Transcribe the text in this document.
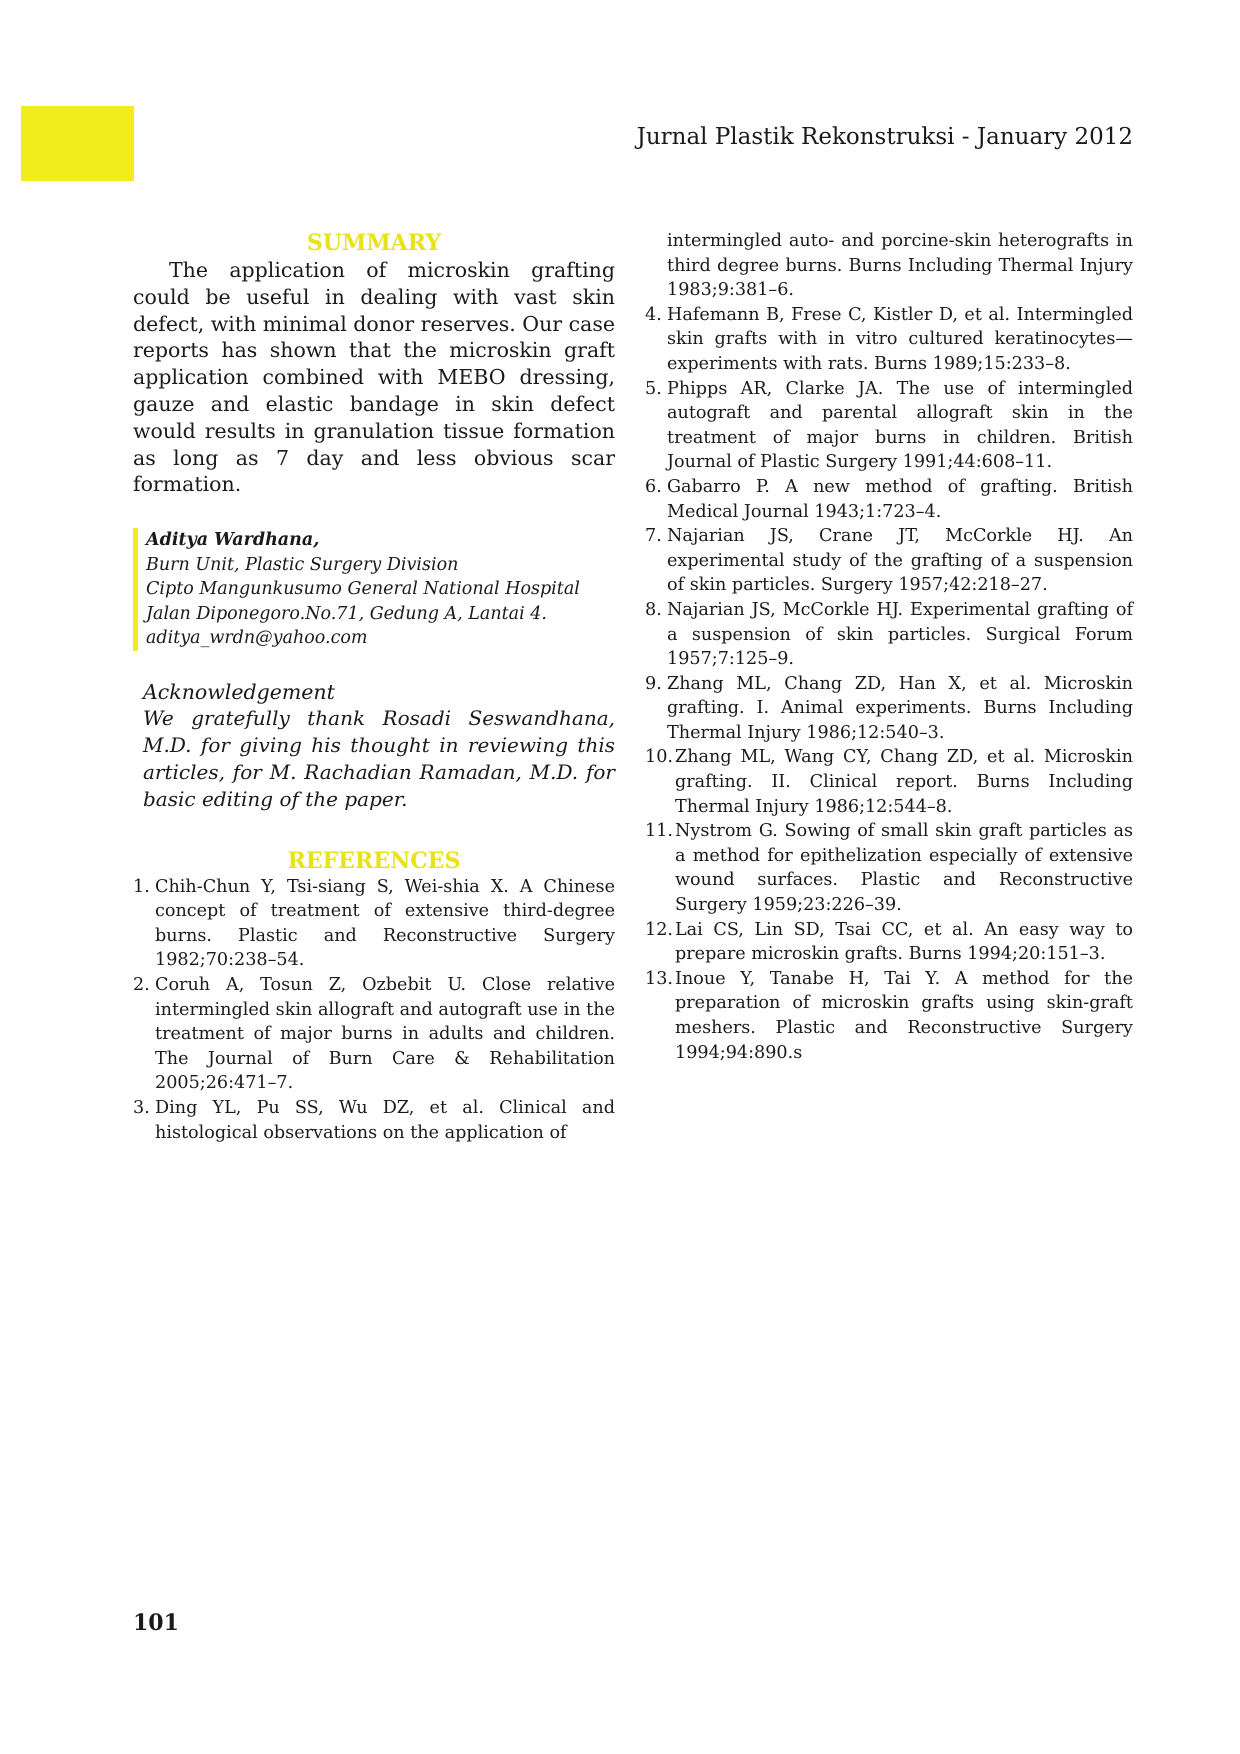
Jurnal Plastik Rekonstruksi - January 2012
SUMMARY

The application of microskin grafting could be useful in dealing with vast skin defect, with minimal donor reserves. Our case reports has shown that the microskin graft application combined with MEBO dressing, gauze and elastic bandage in skin defect would results in granulation tissue formation as long as 7 day and less obvious scar formation.

Aditya Wardhana,
Burn Unit, Plastic Surgery Division
Cipto Mangunkusumo General National Hospital
Jalan Diponegoro.No.71, Gedung A, Lantai 4.
aditya_wrdn@yahoo.com
Acknowledgement
We gratefully thank Rosadi Seswandhana, M.D. for giving his thought in reviewing this articles, for M. Rachadian Ramadan, M.D. for basic editing of the paper.
REFERENCES
1. Chih-Chun Y, Tsi-siang S, Wei-shia X. A Chinese concept of treatment of extensive third-degree burns. Plastic and Reconstructive Surgery 1982;70:238–54.
2. Coruh A, Tosun Z, Ozbebit U. Close relative intermingled skin allograft and autograft use in the treatment of major burns in adults and children. The Journal of Burn Care & Rehabilitation 2005;26:471–7.
3. Ding YL, Pu SS, Wu DZ, et al. Clinical and histological observations on the application of
intermingled auto- and porcine-skin heterografts in third degree burns. Burns Including Thermal Injury 1983;9:381–6.
4. Hafemann B, Frese C, Kistler D, et al. Intermingled skin grafts with in vitro cultured keratinocytes—experiments with rats. Burns 1989;15:233–8.
5. Phipps AR, Clarke JA. The use of intermingled autograft and parental allograft skin in the treatment of major burns in children. British Journal of Plastic Surgery 1991;44:608–11.
6. Gabarro P. A new method of grafting. British Medical Journal 1943;1:723–4.
7. Najarian JS, Crane JT, McCorkle HJ. An experimental study of the grafting of a suspension of skin particles. Surgery 1957;42:218–27.
8. Najarian JS, McCorkle HJ. Experimental grafting of a suspension of skin particles. Surgical Forum 1957;7:125–9.
9. Zhang ML, Chang ZD, Han X, et al. Microskin grafting. I. Animal experiments. Burns Including Thermal Injury 1986;12:540–3.
10. Zhang ML, Wang CY, Chang ZD, et al. Microskin grafting. II. Clinical report. Burns Including Thermal Injury 1986;12:544–8.
11. Nystrom G. Sowing of small skin graft particles as a method for epithelization especially of extensive wound surfaces. Plastic and Reconstructive Surgery 1959;23:226–39.
12. Lai CS, Lin SD, Tsai CC, et al. An easy way to prepare microskin grafts. Burns 1994;20:151–3.
13. Inoue Y, Tanabe H, Tai Y. A method for the preparation of microskin grafts using skin-graft meshers. Plastic and Reconstructive Surgery 1994;94:890.s
101
